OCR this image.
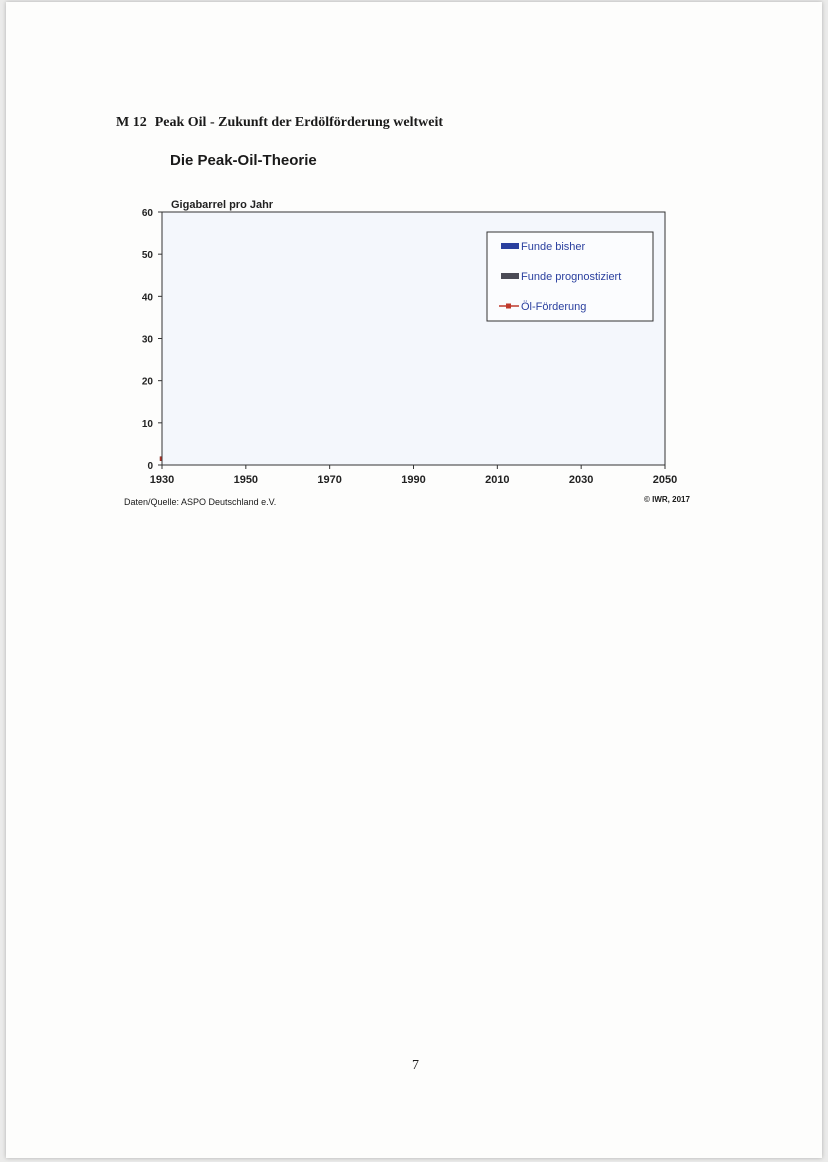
M 12 Peak Oil - Zukunft der Erdölförderung weltweit
Die Peak-Oil-Theorie
0
10
20
30
40
50
60
1930	1950	1970	1990	2010	2030	2050
Gigabarrel pro Jahr
Funde bisher
Funde prognostiziert
Öl-Förderung
Daten/Quelle: ASPO Deutschland e.V.	© IWR, 2017
7
